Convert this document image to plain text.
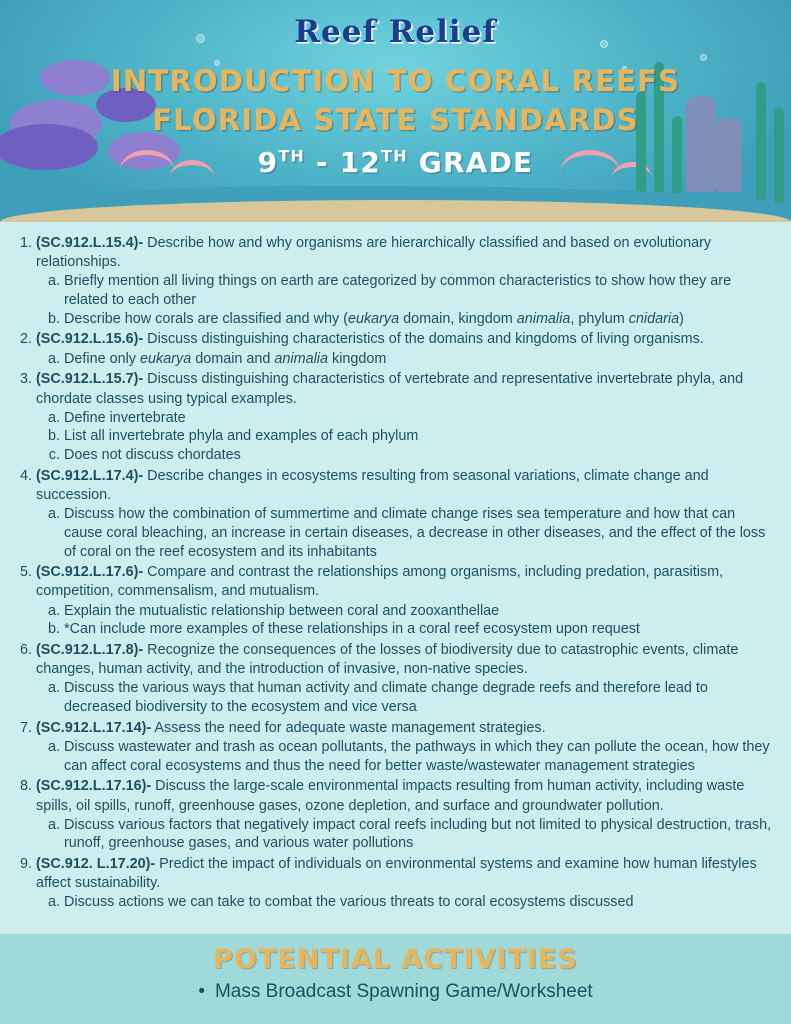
Reef Relief
INTRODUCTION TO CORAL REEFS
FLORIDA STATE STANDARDS
9TH - 12TH GRADE
1. (SC.912.L.15.4)- Describe how and why organisms are hierarchically classified and based on evolutionary relationships.
a. Briefly mention all living things on earth are categorized by common characteristics to show how they are related to each other
b. Describe how corals are classified and why (eukarya domain, kingdom animalia, phylum cnidaria)
2. (SC.912.L.15.6)- Discuss distinguishing characteristics of the domains and kingdoms of living organisms.
a. Define only eukarya domain and animalia kingdom
3. (SC.912.L.15.7)- Discuss distinguishing characteristics of vertebrate and representative invertebrate phyla, and chordate classes using typical examples.
a. Define invertebrate
b. List all invertebrate phyla and examples of each phylum
c. Does not discuss chordates
4. (SC.912.L.17.4)- Describe changes in ecosystems resulting from seasonal variations, climate change and succession.
a. Discuss how the combination of summertime and climate change rises sea temperature and how that can cause coral bleaching, an increase in certain diseases, a decrease in other diseases, and the effect of the loss of coral on the reef ecosystem and its inhabitants
5. (SC.912.L.17.6)- Compare and contrast the relationships among organisms, including predation, parasitism, competition, commensalism, and mutualism.
a. Explain the mutualistic relationship between coral and zooxanthellae
b. *Can include more examples of these relationships in a coral reef ecosystem upon request
6. (SC.912.L.17.8)- Recognize the consequences of the losses of biodiversity due to catastrophic events, climate changes, human activity, and the introduction of invasive, non-native species.
a. Discuss the various ways that human activity and climate change degrade reefs and therefore lead to decreased biodiversity to the ecosystem and vice versa
7. (SC.912.L.17.14)- Assess the need for adequate waste management strategies.
a. Discuss wastewater and trash as ocean pollutants, the pathways in which they can pollute the ocean, how they can affect coral ecosystems and thus the need for better waste/wastewater management strategies
8. (SC.912.L.17.16)- Discuss the large-scale environmental impacts resulting from human activity, including waste spills, oil spills, runoff, greenhouse gases, ozone depletion, and surface and groundwater pollution.
a. Discuss various factors that negatively impact coral reefs including but not limited to physical destruction, trash, runoff, greenhouse gases, and various water pollutions
9. (SC.912. L.17.20)- Predict the impact of individuals on environmental systems and examine how human lifestyles affect sustainability.
a. Discuss actions we can take to combat the various threats to coral ecosystems discussed
POTENTIAL ACTIVITIES
• Mass Broadcast Spawning Game/Worksheet
